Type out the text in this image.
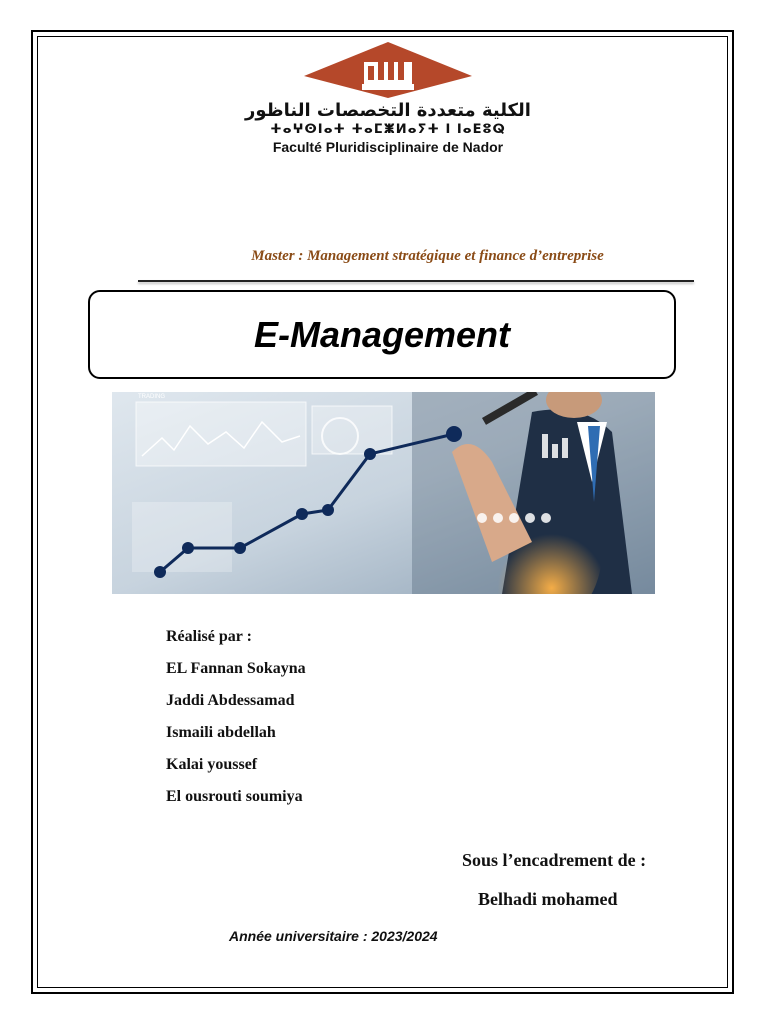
الكلية متعددة التخصصات الناظور
ⵜⴰⵖⵙⵏⴰⵜ ⵜⴰⵎⵥⵍⴰⵢⵜ ⵏ ⵏⴰⴹⵓⵕ
Faculté Pluridisciplinaire de Nador
Master : Management stratégique et finance d’entreprise
E-Management
TRADING
Réalisé par :
EL Fannan Sokayna
Jaddi Abdessamad
Ismaili abdellah
Kalai youssef
El ousrouti soumiya
Sous l’encadrement de :
Belhadi mohamed
Année universitaire : 2023/2024
